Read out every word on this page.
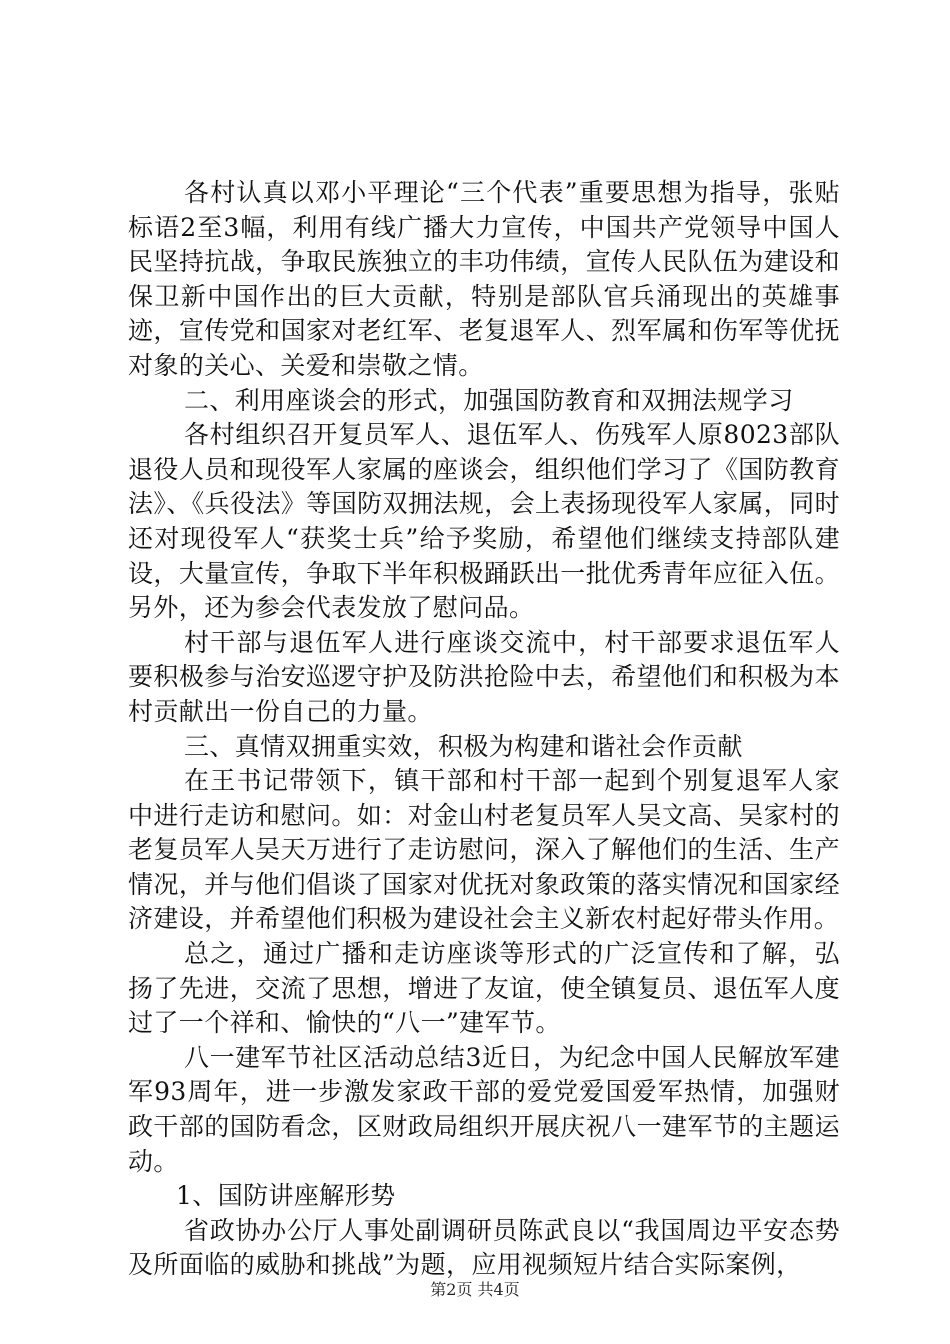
各村认真以邓小平理论“三个代表”重要思想为指导，张贴标语2至3幅，利用有线广播大力宣传，中国共产党领导中国人民坚持抗战，争取民族独立的丰功伟绩，宣传人民队伍为建设和保卫新中国作出的巨大贡献，特别是部队官兵涌现出的英雄事迹，宣传党和国家对老红军、老复退军人、烈军属和伤军等优抚对象的关心、关爱和崇敬之情。

二、利用座谈会的形式，加强国防教育和双拥法规学习

各村组织召开复员军人、退伍军人、伤残军人原8023部队退役人员和现役军人家属的座谈会，组织他们学习了《国防教育法》、《兵役法》等国防双拥法规，会上表扬现役军人家属，同时还对现役军人“获奖士兵”给予奖励，希望他们继续支持部队建设，大量宣传，争取下半年积极踊跃出一批优秀青年应征入伍。另外，还为参会代表发放了慰问品。

村干部与退伍军人进行座谈交流中，村干部要求退伍军人要积极参与治安巡逻守护及防洪抢险中去，希望他们和积极为本村贡献出一份自己的力量。

三、真情双拥重实效，积极为构建和谐社会作贡献

在王书记带领下，镇干部和村干部一起到个别复退军人家中进行走访和慰问。如：对金山村老复员军人吴文高、吴家村的老复员军人吴天万进行了走访慰问，深入了解他们的生活、生产情况，并与他们倡谈了国家对优抚对象政策的落实情况和国家经济建设，并希望他们积极为建设社会主义新农村起好带头作用。

总之，通过广播和走访座谈等形式的广泛宣传和了解，弘扬了先进，交流了思想，增进了友谊，使全镇复员、退伍军人度过了一个祥和、愉快的“八一”建军节。

八一建军节社区活动总结3近日，为纪念中国人民解放军建军93周年，进一步激发家政干部的爱党爱国爱军热情，加强财政干部的国防看念，区财政局组织开展庆祝八一建军节的主题运动。

1、国防讲座解形势

省政协办公厅人事处副调研员陈武良以“我国周边平安态势及所面临的威胁和挑战”为题，应用视频短片结合实际案例，

第2页 共4页
